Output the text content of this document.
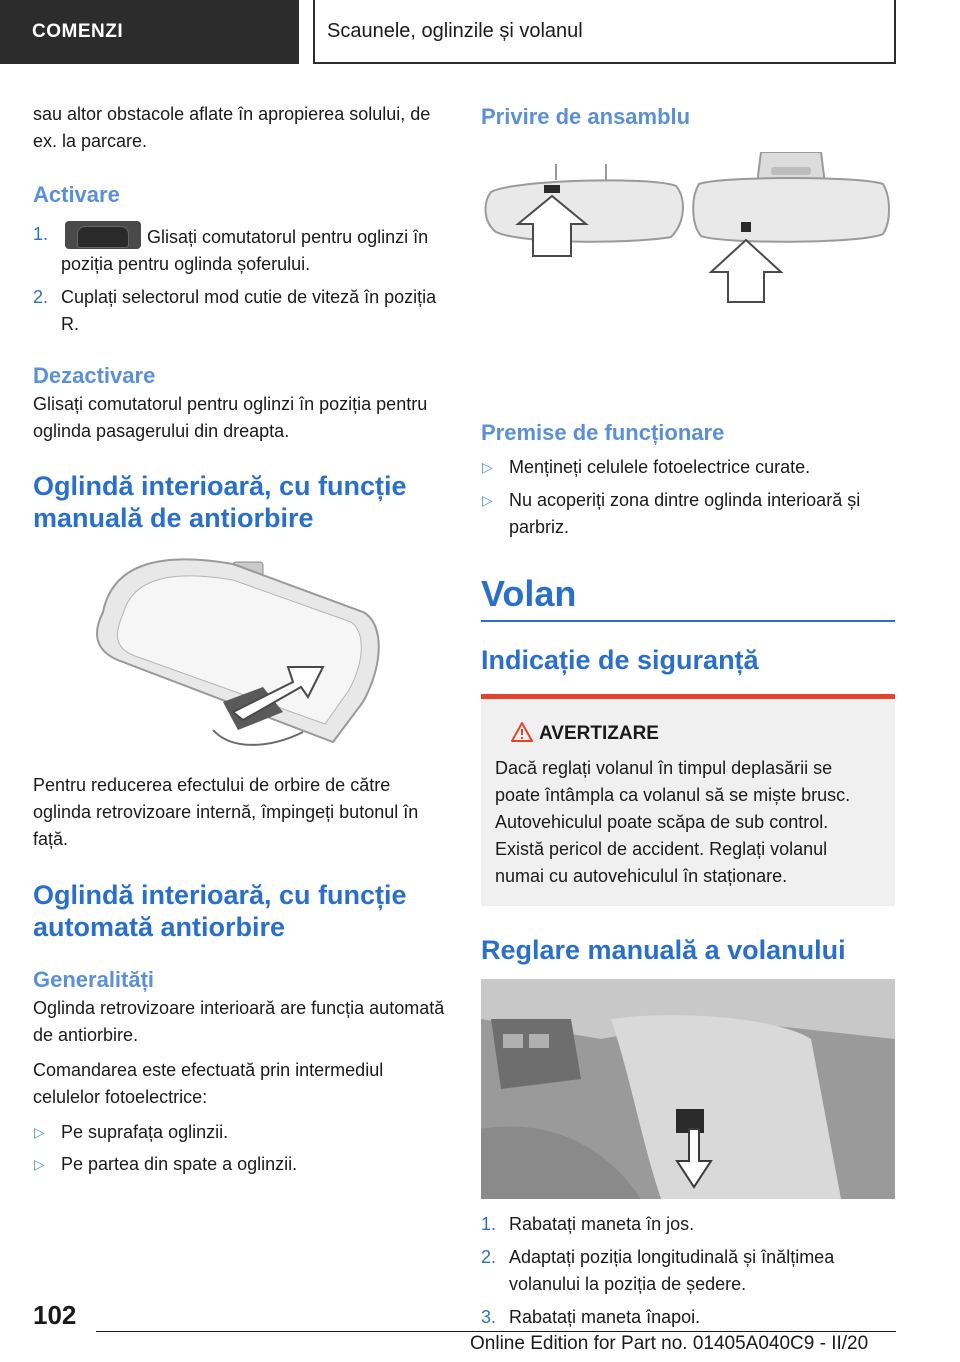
COMENZI	Scaunele, oglinzile și volanul

sau altor obstacole aflate în apropierea solului, de ex. la parcare.

Activare
1.	Glisați comutatorul pentru oglinzi în poziția pentru oglinda șoferului.
2. Cuplați selectorul mod cutie de viteză în poziția R.
Dezactivare

Glisați comutatorul pentru oglinzi în poziția pentru oglinda pasagerului din dreapta.

Oglindă interioară, cu funcție manuală de antiorbire

Pentru reducerea efectului de orbire de către oglinda retrovizoare internă, împingeți butonul în față.

Oglindă interioară, cu funcție automată antiorbire
Generalități

Oglinda retrovizoare interioară are funcția automată de antiorbire.

Comandarea este efectuată prin intermediul celulelor fotoelectrice:

▷ Pe suprafața oglinzii.
▷ Pe partea din spate a oglinzii.
Privire de ansamblu
Premise de funcționare
▷ Mențineți celulele fotoelectrice curate.
▷ Nu acoperiți zona dintre oglinda interioară și parbriz.
Volan
Indicație de siguranță
AVERTIZARE

Dacă reglați volanul în timpul deplasării se poate întâmpla ca volanul să se miște brusc. Autovehiculul poate scăpa de sub control. Există pericol de accident. Reglați volanul numai cu autovehiculul în staționare.

Reglare manuală a volanului
1. Rabatați maneta în jos.
2. Adaptați poziția longitudinală și înălțimea volanului la poziția de ședere.
3. Rabatați maneta înapoi.
102
Online Edition for Part no. 01405A040C9 - II/20
